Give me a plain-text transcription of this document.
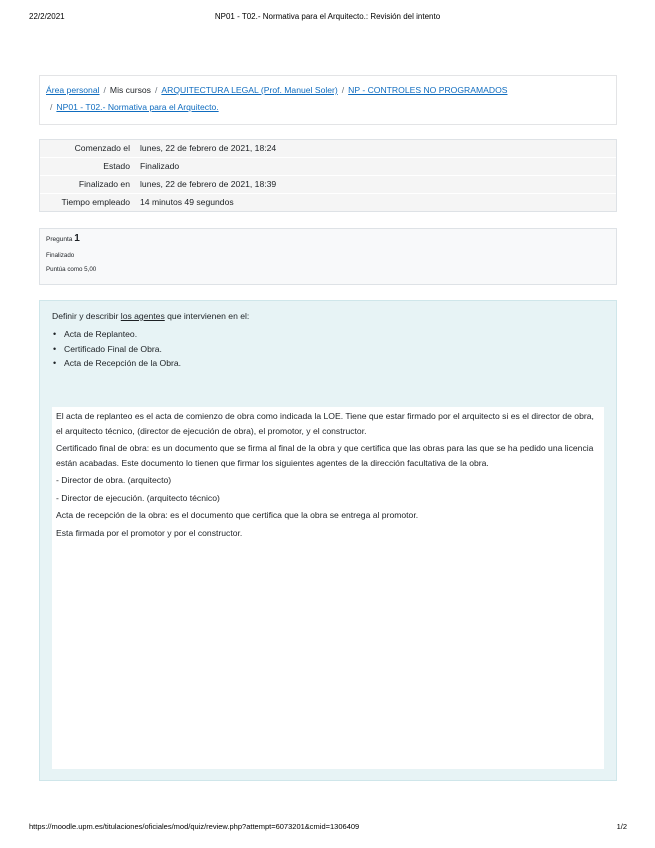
22/2/2021	NP01 - T02.- Normativa para el Arquitecto.: Revisión del intento
Área personal / Mis cursos / ARQUITECTURA LEGAL (Prof. Manuel Soler) / NP - CONTROLES NO PROGRAMADOS
/ NP01 - T02.- Normativa para el Arquitecto.
Comenzado el	lunes, 22 de febrero de 2021, 18:24
Estado	Finalizado
Finalizado en	lunes, 22 de febrero de 2021, 18:39
Tiempo empleado	14 minutos 49 segundos
Pregunta 1
Finalizado
Puntúa como 5,00
Definir y describir los agentes que intervienen en el:
• Acta de Replanteo.
• Certificado Final de Obra.
• Acta de Recepción de la Obra.

El acta de replanteo es el acta de comienzo de obra como indicada la LOE. Tiene que estar firmado por el arquitecto si es el director de obra, el arquitecto técnico, (director de ejecución de obra), el promotor, y el constructor.

Certificado final de obra: es un documento que se firma al final de la obra y que certifica que las obras para las que se ha pedido una licencia están acabadas. Este documento lo tienen que firmar los siguientes agentes de la dirección facultativa de la obra.

- Director de obra. (arquitecto)

- Director de ejecución. (arquitecto técnico)

Acta de recepción de la obra: es el documento que certifica que la obra se entrega al promotor.

Esta firmada por el promotor y por el constructor.

https://moodle.upm.es/titulaciones/oficiales/mod/quiz/review.php?attempt=6073201&cmid=1306409	1/2
